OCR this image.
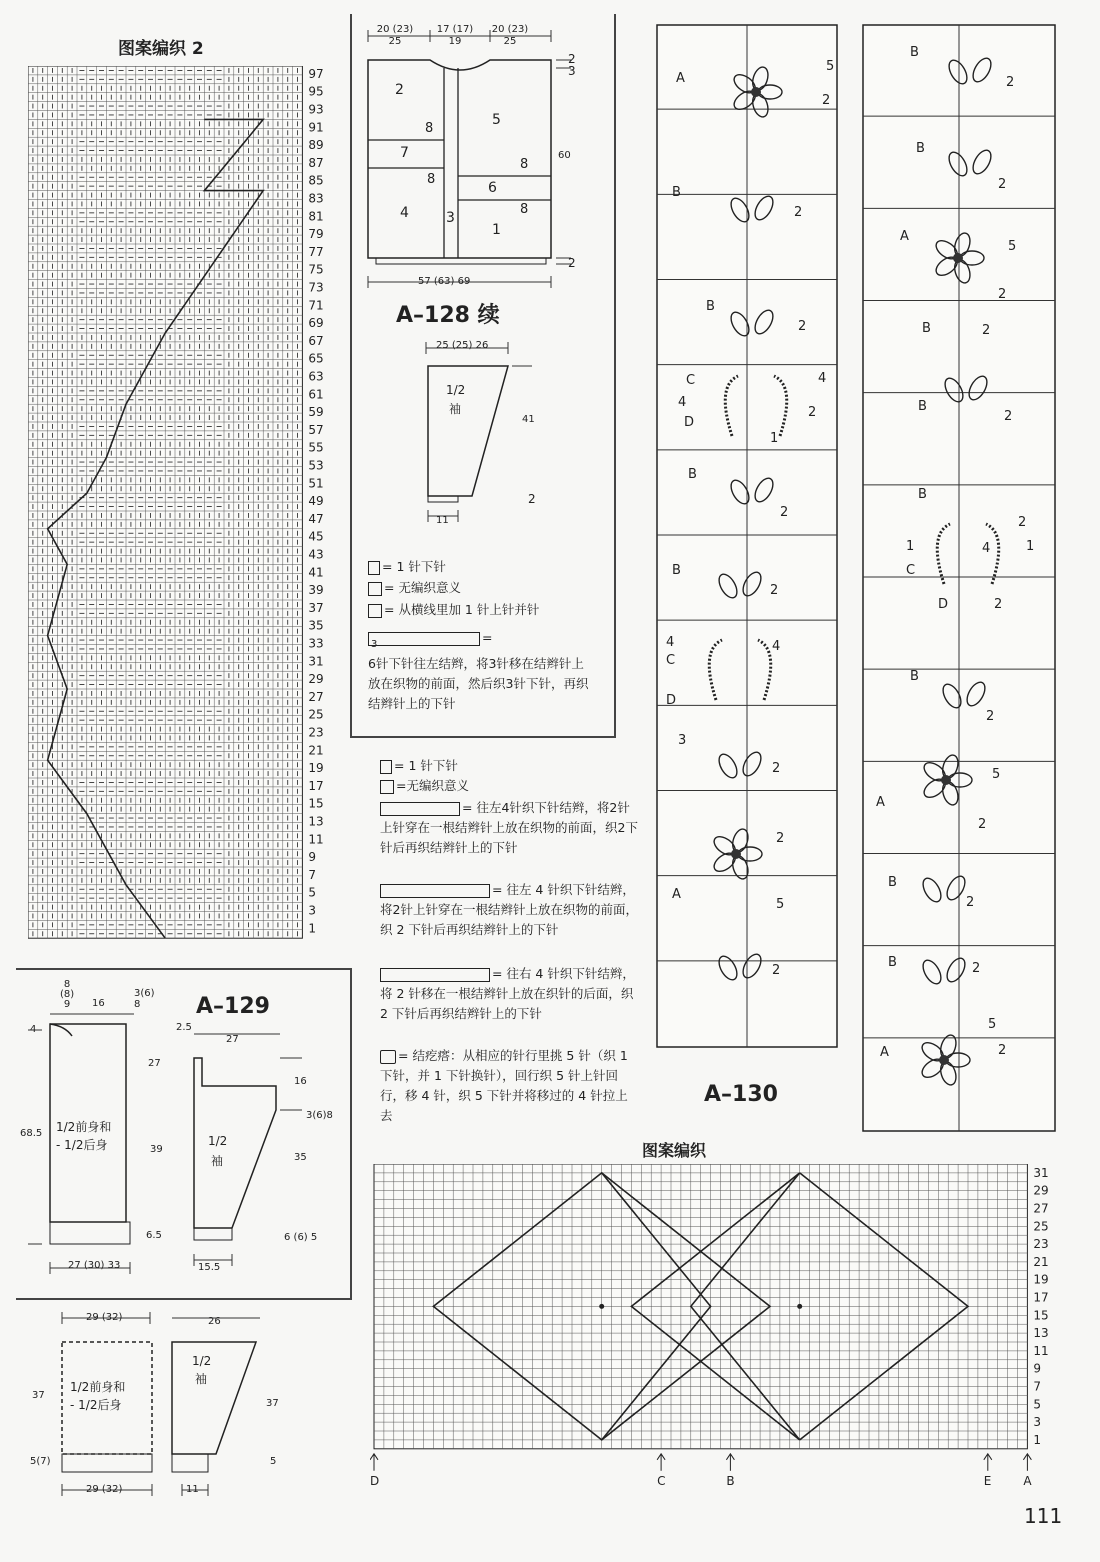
图案编织 2
97
95
93
91
89
87
85
83
81
79
77
75
73
71
69
67
65
63
61
59
57
55
53
51
49
47
45
43
41
39
37
35
33
31
29
27
25
23
21
19
17
15
13
11
9
7
5
3
1
20 (23)
25
17 (17)
19
20 (23)
25
2
3
2
5
7
8
8
6
8
4	3
1
8
60
2
57 (63) 69
A–128 续
25 (25) 26
1/2
袖
41
2
11
= 1 针下针
= 无编织意义
= 从横线里加 1 针上针并针
3	=
6针下针往左结辫，将3针移在结辫针上放在织物的前面，然后织3针下针，再织结辫针上的下针
= 1 针下针
=无编织意义
= 往左4针织下针结辫，将2针上针穿在一根结辫针上放在织物的前面，织2下针后再织结辫针上的下针
= 往左 4 针织下针结辫，将2针上针穿在一根结辫针上放在织物的前面，织 2 下针后再织结辫针上的下针
= 往右 4 针织下针结辫，将 2 针移在一根结辫针上放在织针的后面，织 2 下针后再织结辫针上的下针
= 结疙瘩：从相应的针行里挑 5 针（织 1 下针，并 1 下针换针），回行织 5 针上针回行，移 4 针，织 5 下针并将移过的 4 针拉上去
A–129
8
(8)
9	16
3(6)
8
4
68.5 1/2前身和
- 1/2后身
27
39
6.5
27 (30) 33
2.5
27
1/2
袖
16
3(6)8
35
6 (6) 5
15.5
29 (32)
1/2前身和
- 1/2后身
37
5(7)
29 (32)
26
1/2
袖
37
5
11
A
5
2
B
2
B
2
C
4
D
4
2
1
B
2
B
2
4
C
D
4
3
2
2
A
5
2
B
2
B
2
A
5
2
B	2
B
2
B
2
1
C
4	1
D	2
B
2
5
A
2
B
2
B	2
5
A	2
A–130
图案编织
31
29
27
25
23
21
19
17
15
13
11
9
7
5
3
1
D	C	B	E	A
111
